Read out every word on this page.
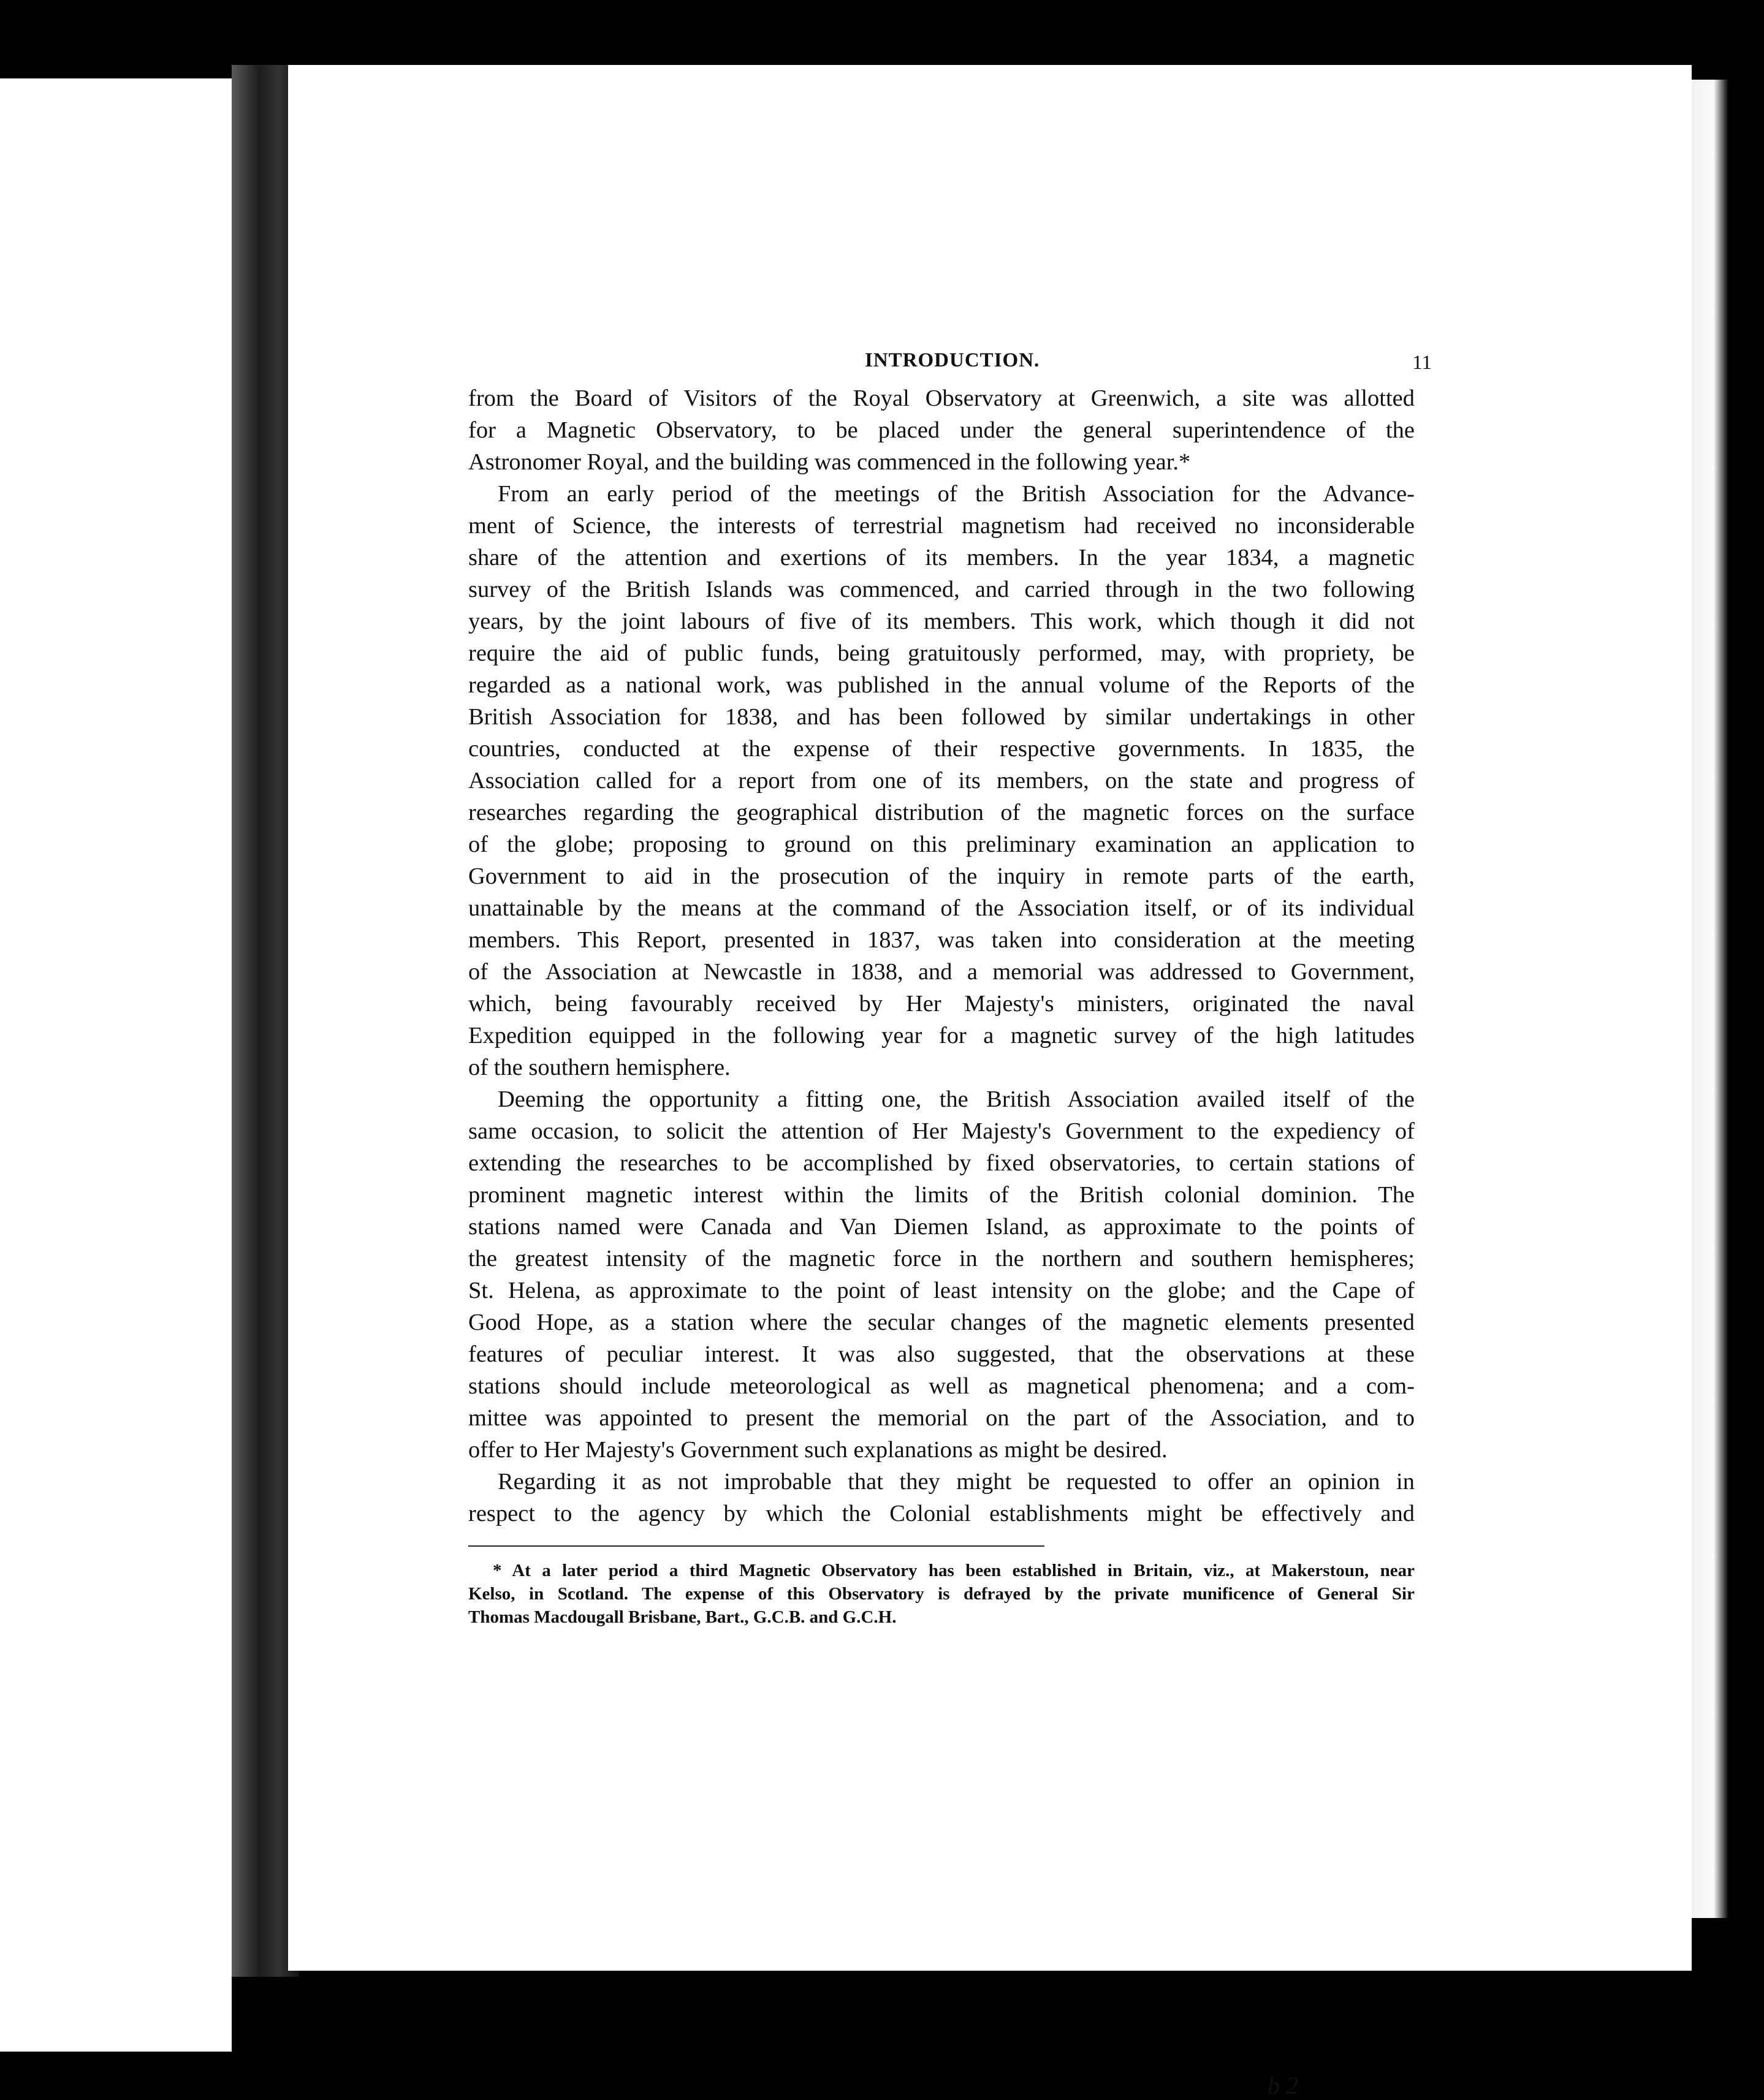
INTRODUCTION.	11

from the Board of Visitors of the Royal Observatory at Greenwich, a site was allotted
for a Magnetic Observatory, to be placed under the general superintendence of the
Astronomer Royal, and the building was commenced in the following year.*

From an early period of the meetings of the British Association for the Advance-
ment of Science, the interests of terrestrial magnetism had received no inconsiderable
share of the attention and exertions of its members. In the year 1834, a magnetic
survey of the British Islands was commenced, and carried through in the two following
years, by the joint labours of five of its members. This work, which though it did not
require the aid of public funds, being gratuitously performed, may, with propriety, be
regarded as a national work, was published in the annual volume of the Reports of the
British Association for 1838, and has been followed by similar undertakings in other
countries, conducted at the expense of their respective governments. In 1835, the
Association called for a report from one of its members, on the state and progress of
researches regarding the geographical distribution of the magnetic forces on the surface
of the globe; proposing to ground on this preliminary examination an application to
Government to aid in the prosecution of the inquiry in remote parts of the earth,
unattainable by the means at the command of the Association itself, or of its individual
members. This Report, presented in 1837, was taken into consideration at the meeting
of the Association at Newcastle in 1838, and a memorial was addressed to Government,
which, being favourably received by Her Majesty's ministers, originated the naval
Expedition equipped in the following year for a magnetic survey of the high latitudes
of the southern hemisphere.

Deeming the opportunity a fitting one, the British Association availed itself of the
same occasion, to solicit the attention of Her Majesty's Government to the expediency of
extending the researches to be accomplished by fixed observatories, to certain stations of
prominent magnetic interest within the limits of the British colonial dominion. The
stations named were Canada and Van Diemen Island, as approximate to the points of
the greatest intensity of the magnetic force in the northern and southern hemispheres;
St. Helena, as approximate to the point of least intensity on the globe; and the Cape of
Good Hope, as a station where the secular changes of the magnetic elements presented
features of peculiar interest. It was also suggested, that the observations at these
stations should include meteorological as well as magnetical phenomena; and a com-
mittee was appointed to present the memorial on the part of the Association, and to
offer to Her Majesty's Government such explanations as might be desired.

Regarding it as not improbable that they might be requested to offer an opinion in
respect to the agency by which the Colonial establishments might be effectively and

* At a later period a third Magnetic Observatory has been established in Britain, viz., at Makerstoun, near
Kelso, in Scotland. The expense of this Observatory is defrayed by the private munificence of General Sir
Thomas Macdougall Brisbane, Bart., G.C.B. and G.C.H.
b 2
